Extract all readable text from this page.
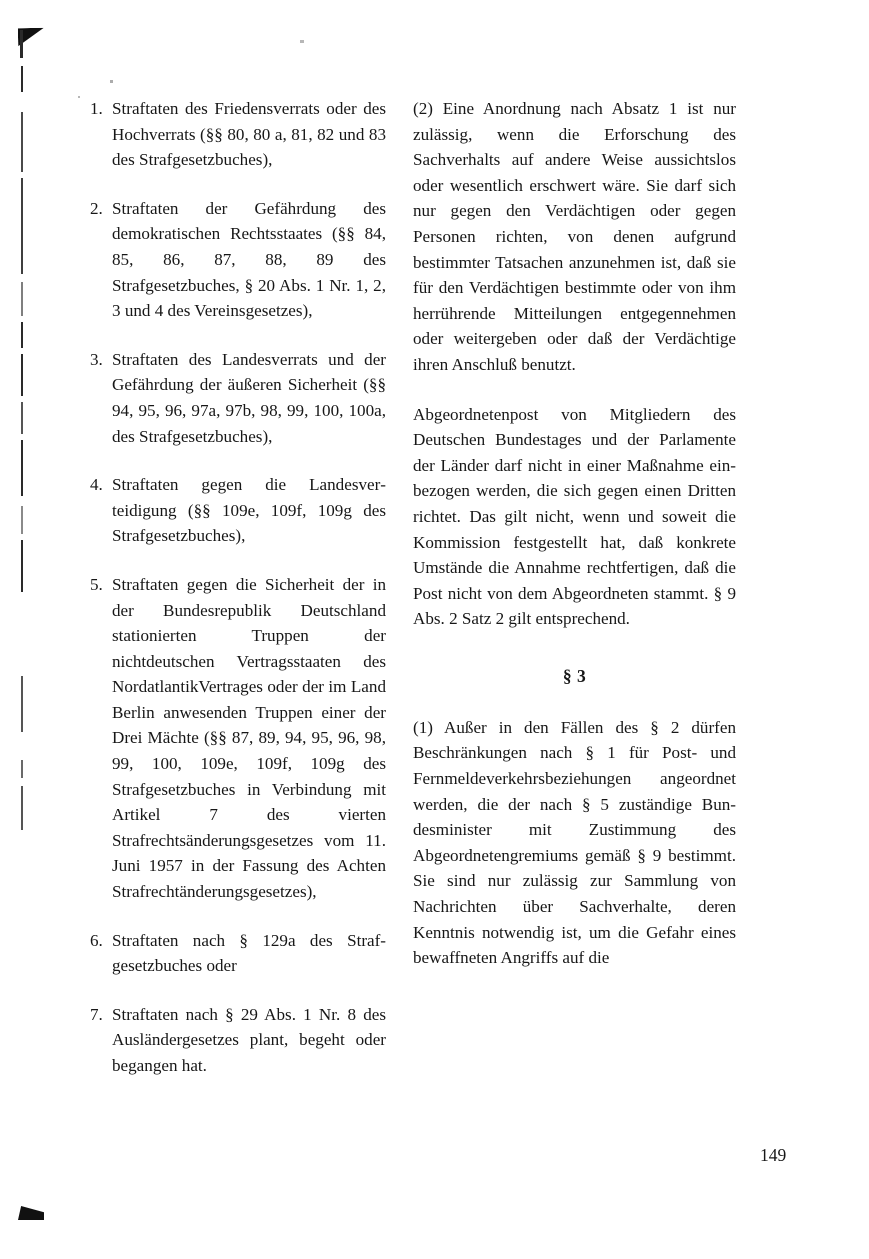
1. Straftaten des Friedensverrats oder des Hochverrats (§§ 80, 80 a, 81, 82 und 83 des Strafgesetzbuches),
2. Straftaten der Gefährdung des demokratischen Rechtsstaates (§§ 84, 85, 86, 87, 88, 89 des Strafgesetzbuches, § 20 Abs. 1 Nr. 1, 2, 3 und 4 des Vereinsgesetzes),
3. Straftaten des Landesverrats und der Gefährdung der äußeren Sicherheit (§§ 94, 95, 96, 97a, 97b, 98, 99, 100, 100a, des Strafgesetzbuches),
4. Straftaten gegen die Landesverteidigung (§§ 109e, 109f, 109g des Strafgesetzbuches),
5. Straftaten gegen die Sicherheit der in der Bundesrepublik Deutschland stationierten Truppen der nichtdeutschen Vertragsstaaten des NordatlantikVertrages oder der im Land Berlin anwesenden Truppen einer der Drei Mächte (§§ 87, 89, 94, 95, 96, 98, 99, 100, 109e, 109f, 109g des Strafgesetzbuches in Verbindung mit Artikel 7 des vierten Strafrechtsänderungsgesetzes vom 11. Juni 1957 in der Fassung des Achten Strafrechtänderungsgesetzes),
6. Straftaten nach § 129a des Strafgesetzbuches oder
7. Straftaten nach § 29 Abs. 1 Nr. 8 des Ausländergesetzes plant, begeht oder begangen hat.

(2) Eine Anordnung nach Absatz 1 ist nur zulässig, wenn die Erforschung des Sachverhalts auf andere Weise aussichtslos oder wesentlich erschwert wäre. Sie darf sich nur gegen den Verdächtigen oder gegen Personen richten, von denen aufgrund bestimmter Tatsachen anzunehmen ist, daß sie für den Verdächtigen bestimmte oder von ihm herrührende Mitteilungen entgegennehmen oder weitergeben oder daß der Verdächtige ihren Anschluß benutzt.

Abgeordnetenpost von Mitgliedern des Deutschen Bundestages und der Parlamente der Länder darf nicht in einer Maßnahme einbezogen werden, die sich gegen einen Dritten richtet. Das gilt nicht, wenn und soweit die Kommission festgestellt hat, daß konkrete Umstände die Annahme rechtfertigen, daß die Post nicht von dem Abgeordneten stammt. § 9 Abs. 2 Satz 2 gilt entsprechend.

§ 3

(1) Außer in den Fällen des § 2 dürfen Beschränkungen nach § 1 für Post- und Fernmeldeverkehrsbeziehungen angeordnet werden, die der nach § 5 zuständige Bundesminister mit Zustimmung des Abgeordnetengremiums gemäß § 9 bestimmt. Sie sind nur zulässig zur Sammlung von Nachrichten über Sachverhalte, deren Kenntnis notwendig ist, um die Gefahr eines bewaffneten Angriffs auf die

149
